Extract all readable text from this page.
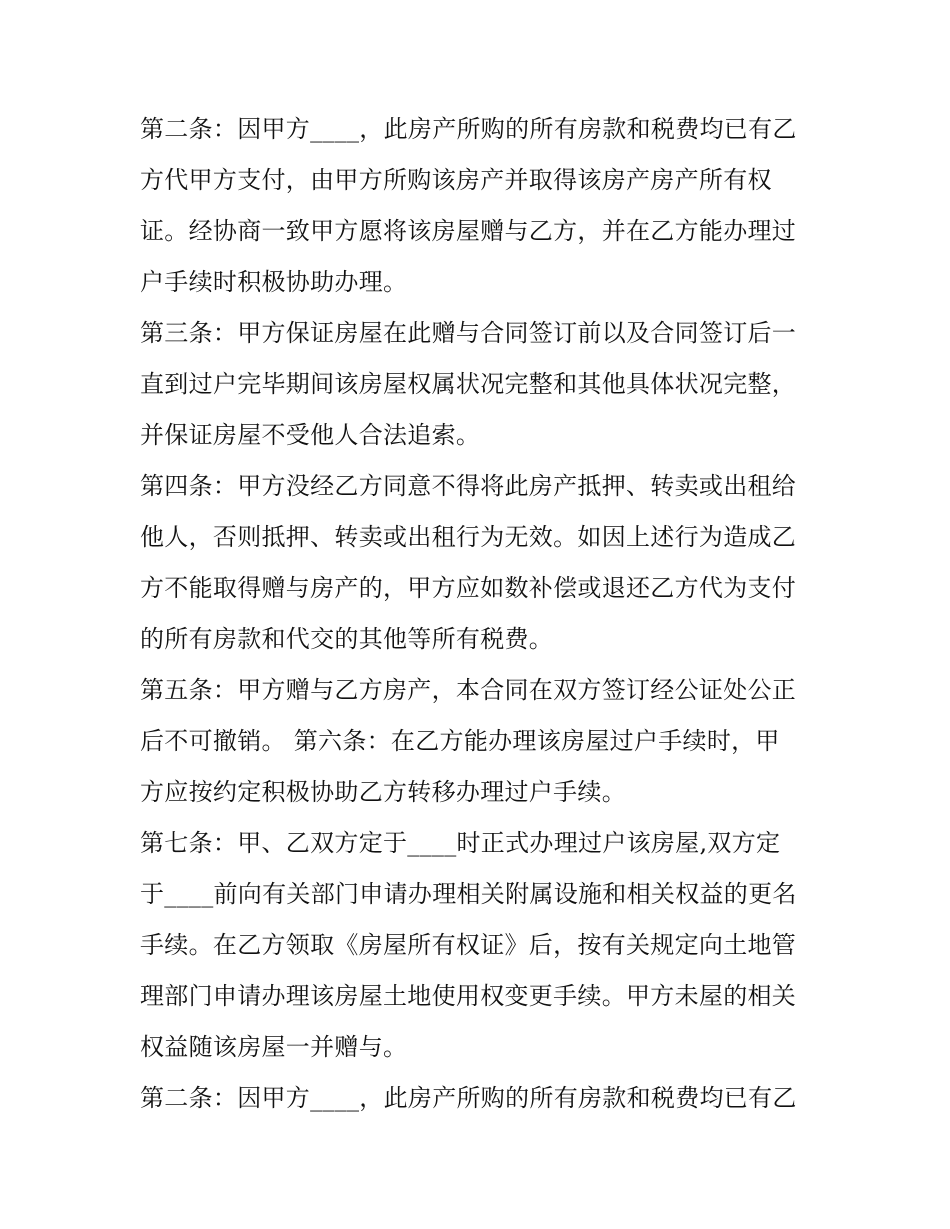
第二条：因甲方____，此房产所购的所有房款和税费均已有乙
方代甲方支付，由甲方所购该房产并取得该房产房产所有权
证。经协商一致甲方愿将该房屋赠与乙方，并在乙方能办理过
户手续时积极协助办理。
第三条：甲方保证房屋在此赠与合同签订前以及合同签订后一
直到过户完毕期间该房屋权属状况完整和其他具体状况完整，
并保证房屋不受他人合法追索。
第四条：甲方没经乙方同意不得将此房产抵押、转卖或出租给
他人，否则抵押、转卖或出租行为无效。如因上述行为造成乙
方不能取得赠与房产的，甲方应如数补偿或退还乙方代为支付
的所有房款和代交的其他等所有税费。
第五条：甲方赠与乙方房产，本合同在双方签订经公证处公正
后不可撤销。 第六条：在乙方能办理该房屋过户手续时，甲
方应按约定积极协助乙方转移办理过户手续。
第七条：甲、乙双方定于____时正式办理过户该房屋,双方定
于____前向有关部门申请办理相关附属设施和相关权益的更名
手续。在乙方领取《房屋所有权证》后，按有关规定向土地管
理部门申请办理该房屋土地使用权变更手续。甲方未屋的相关
权益随该房屋一并赠与。
第二条：因甲方____，此房产所购的所有房款和税费均已有乙
